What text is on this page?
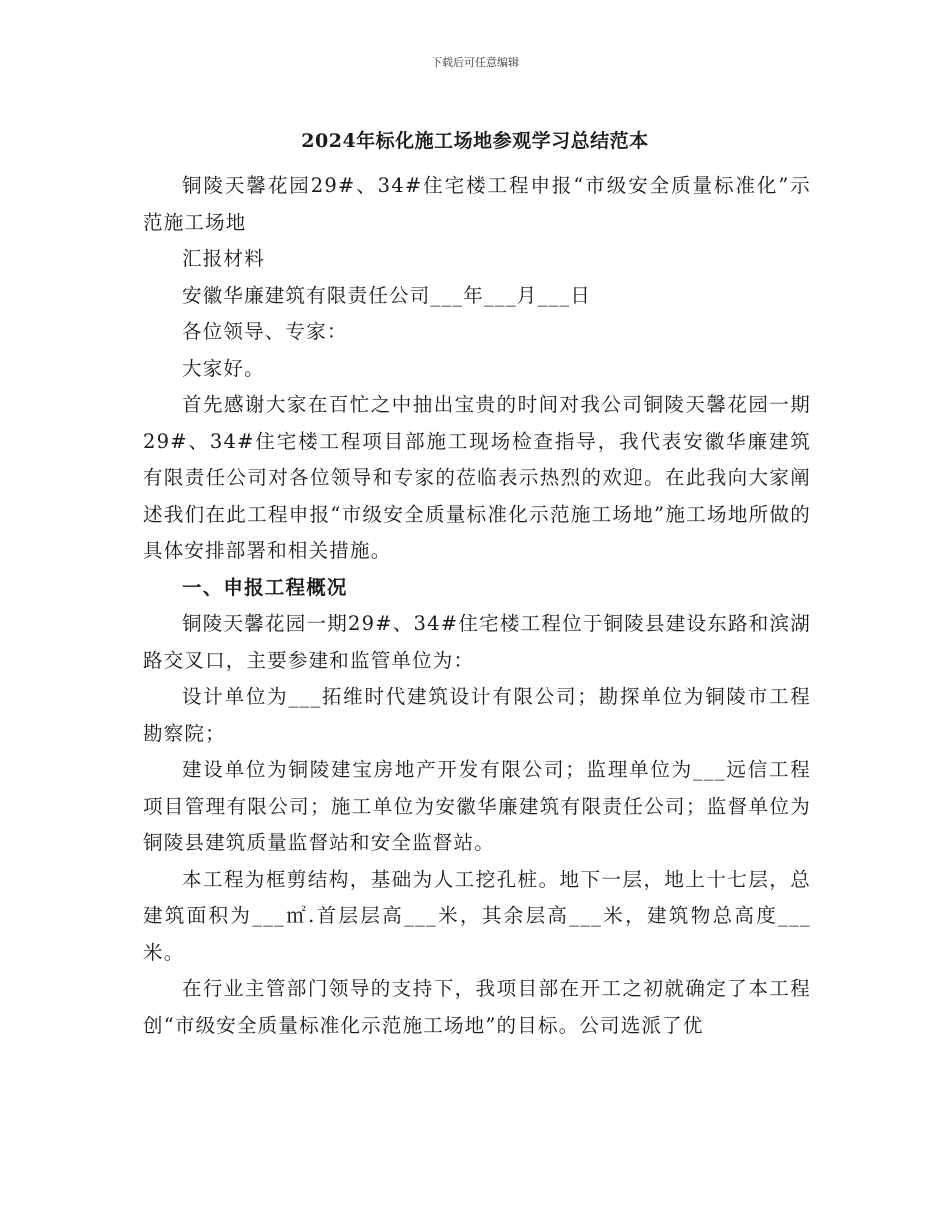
下载后可任意编辑
2024年标化施工场地参观学习总结范本

铜陵天馨花园29#、34#住宅楼工程申报“市级安全质量标准化”示范施工场地

汇报材料

安徽华廉建筑有限责任公司___年___月___日

各位领导、专家：

大家好。

首先感谢大家在百忙之中抽出宝贵的时间对我公司铜陵天馨花园一期29#、34#住宅楼工程项目部施工现场检查指导，我代表安徽华廉建筑有限责任公司对各位领导和专家的莅临表示热烈的欢迎。在此我向大家阐述我们在此工程申报“市级安全质量标准化示范施工场地”施工场地所做的具体安排部署和相关措施。

一、申报工程概况

铜陵天馨花园一期29#、34#住宅楼工程位于铜陵县建设东路和滨湖路交叉口，主要参建和监管单位为：

设计单位为___拓维时代建筑设计有限公司；勘探单位为铜陵市工程勘察院；

建设单位为铜陵建宝房地产开发有限公司；监理单位为___远信工程项目管理有限公司；施工单位为安徽华廉建筑有限责任公司；监督单位为铜陵县建筑质量监督站和安全监督站。

本工程为框剪结构，基础为人工挖孔桩。地下一层，地上十七层，总建筑面积为___㎡.首层层高___米，其余层高___米，建筑物总高度___米。

在行业主管部门领导的支持下，我项目部在开工之初就确定了本工程创“市级安全质量标准化示范施工场地”的目标。公司选派了优
